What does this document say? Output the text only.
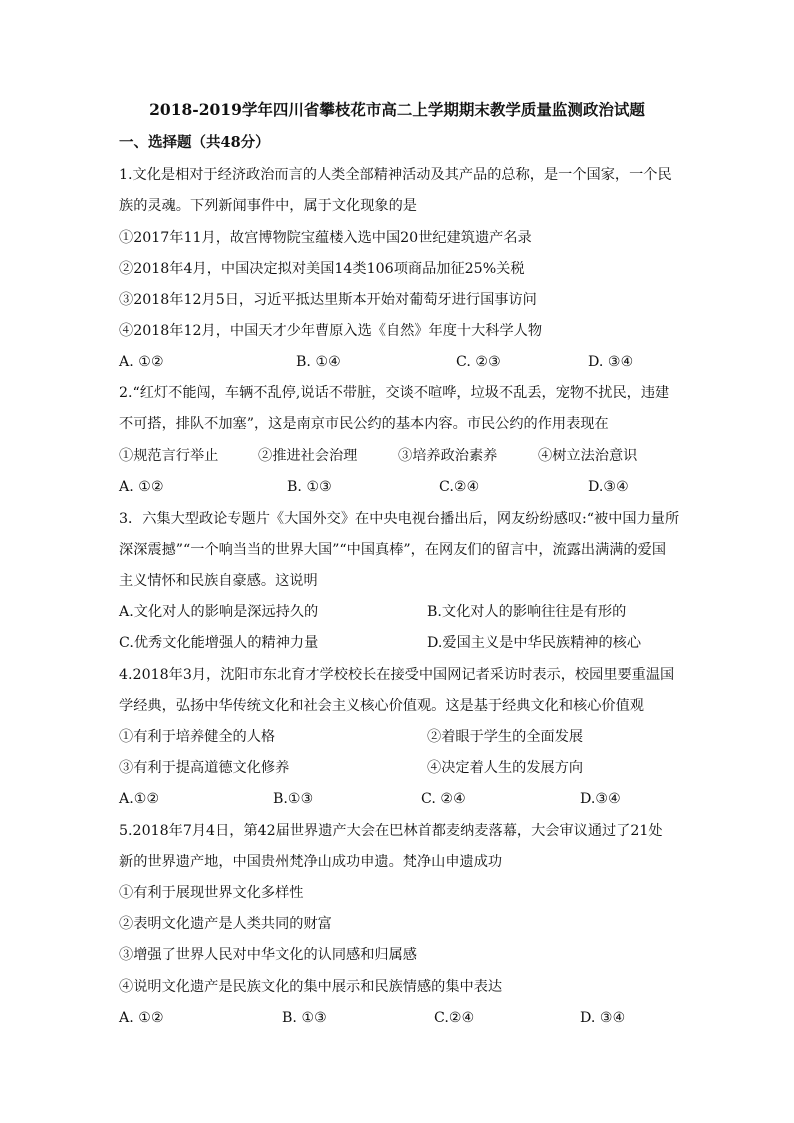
2018-2019学年四川省攀枝花市高二上学期期末教学质量监测政治试题
一、选择题（共48分）
1.文化是相对于经济政治而言的人类全部精神活动及其产品的总称，是一个国家，一个民
族的灵魂。下列新闻事件中，属于文化现象的是
①2017年11月，故宫博物院宝蕴楼入选中国20世纪建筑遗产名录
②2018年4月，中国决定拟对美国14类106项商品加征25%关税
③2018年12月5日，习近平抵达里斯本开始对葡萄牙进行国事访问
④2018年12月，中国天才少年曹原入选《自然》年度十大科学人物
A. ①②	B. ①④	C. ②③	D. ③④
2.“红灯不能闯，车辆不乱停,说话不带脏，交谈不喧哗，垃圾不乱丢，宠物不扰民，违建
不可搭，排队不加塞”，这是南京市民公约的基本内容。市民公约的作用表现在
①规范言行举止	②推进社会治理	③培养政治素养	④树立法治意识
A. ①②	B. ①③	C.②④	D.③④
3．六集大型政论专题片《大国外交》在中央电视台播出后，网友纷纷感叹:“被中国力量所
深深震撼”“一个响当当的世界大国”“中国真棒”，在网友们的留言中，流露出满满的爱国
主义情怀和民族自豪感。这说明
A.文化对人的影响是深远持久的	B.文化对人的影响往往是有形的
C.优秀文化能增强人的精神力量	D.爱国主义是中华民族精神的核心
4.2018年3月，沈阳市东北育才学校校长在接受中国网记者采访时表示，校园里要重温国
学经典，弘扬中华传统文化和社会主义核心价值观。这是基于经典文化和核心价值观
①有利于培养健全的人格	②着眼于学生的全面发展
③有利于提高道德文化修养	④决定着人生的发展方向
A.①②	B.①③	C. ②④	D.③④
5.2018年7月4日，第42届世界遗产大会在巴林首都麦纳麦落幕，大会审议通过了21处
新的世界遗产地，中国贵州梵净山成功申遗。梵净山申遗成功
①有利于展现世界文化多样性
②表明文化遗产是人类共同的财富
③增强了世界人民对中华文化的认同感和归属感
④说明文化遗产是民族文化的集中展示和民族情感的集中表达
A. ①②	B. ①③	C.②④	D. ③④
